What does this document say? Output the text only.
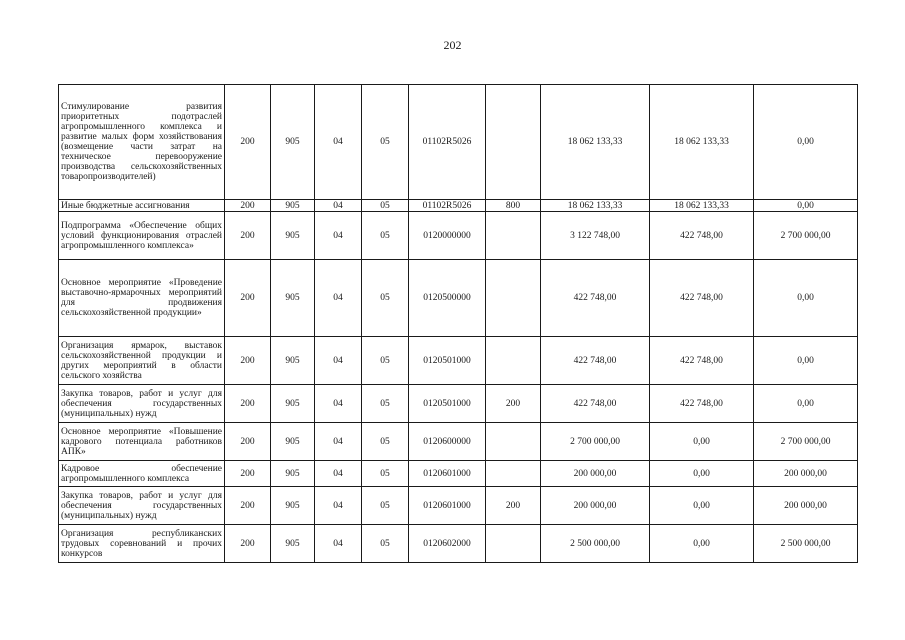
202
Стимулирование развития приоритетных подотраслей агропромышленного комплекса и развитие малых форм хозяйствования (возмещение части затрат на техническое перевооружение производства сельскохозяйственных товаропроизводителей)	200	905	04	05	01102R5026		18 062 133,33	18 062 133,33	0,00
Иные бюджетные ассигнования	200	905	04	05	01102R5026	800	18 062 133,33	18 062 133,33	0,00
Подпрограмма «Обеспечение общих условий функционирования отраслей агропромышленного комплекса»	200	905	04	05	0120000000		3 122 748,00	422 748,00	2 700 000,00
Основное мероприятие «Проведение выставочно-ярмарочных мероприятий для продвижения сельскохозяйственной продукции»	200	905	04	05	0120500000		422 748,00	422 748,00	0,00
Организация ярмарок, выставок сельскохозяйственной продукции и других мероприятий в области сельского хозяйства	200	905	04	05	0120501000		422 748,00	422 748,00	0,00
Закупка товаров, работ и услуг для обеспечения государственных (муниципальных) нужд	200	905	04	05	0120501000	200	422 748,00	422 748,00	0,00
Основное мероприятие «Повышение кадрового потенциала работников АПК»	200	905	04	05	0120600000		2 700 000,00	0,00	2 700 000,00
Кадровое обеспечение агропромышленного комплекса	200	905	04	05	0120601000		200 000,00	0,00	200 000,00
Закупка товаров, работ и услуг для обеспечения государственных (муниципальных) нужд	200	905	04	05	0120601000	200	200 000,00	0,00	200 000,00
Организация республиканских трудовых соревнований и прочих конкурсов	200	905	04	05	0120602000		2 500 000,00	0,00	2 500 000,00
